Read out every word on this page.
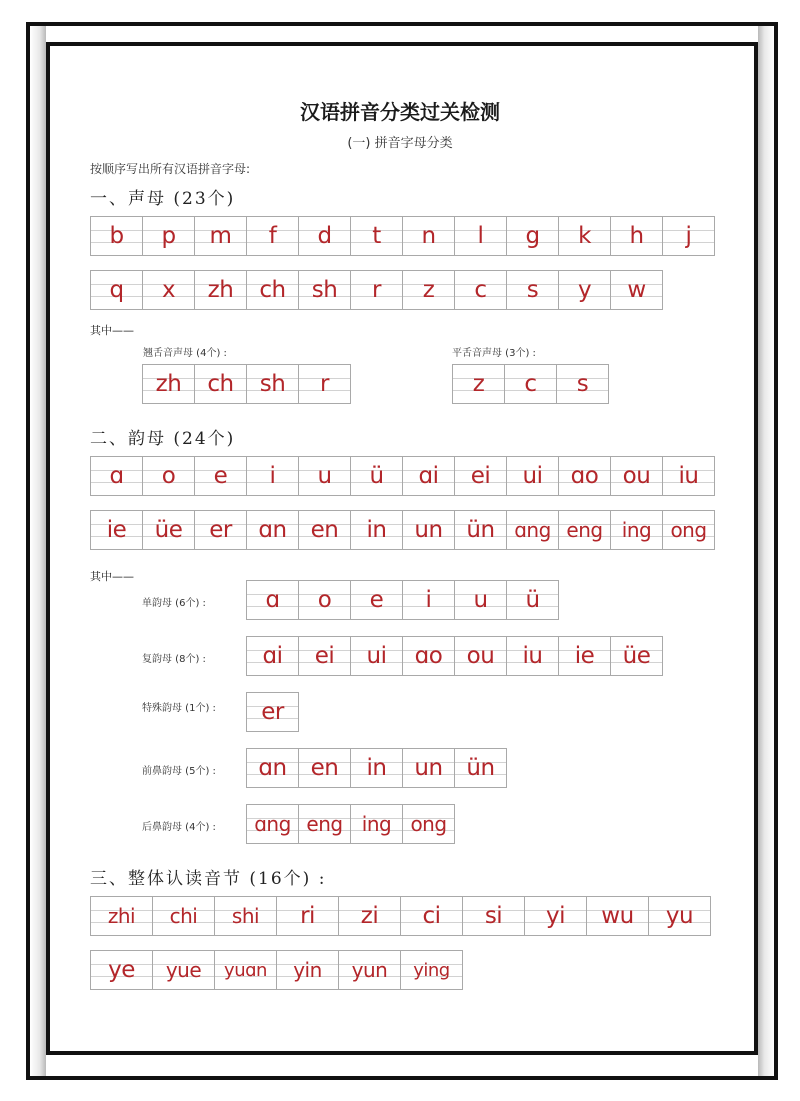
汉语拼音分类过关检测
(一) 拼音字母分类
按顺序写出所有汉语拼音字母:
一、声母 (23个)
b p m f d t n l g k h j
q x zh ch sh r z c s y w
其中——
翘舌音声母 (4个) :	平舌音声母 (3个) :
zh ch sh r	z c s
二、韵母 (24个)
ɑ o e i u ü ɑi ei ui ɑo ou iu
ie üe er ɑn en in un ün ɑng eng ing ong
其中——
单韵母 (6个) :	ɑ o e i u ü
复韵母 (8个) : ɑi ei ui ɑo ou iu ie üe
特殊韵母 (1个) : er
前鼻韵母 (5个) : ɑn en in un ün
后鼻韵母 (4个) : ɑng eng ing ong
三、整体认读音节 (16个) :
zhi chi shi ri zi ci si yi wu yu
ye yue yuɑn yin yun ying
